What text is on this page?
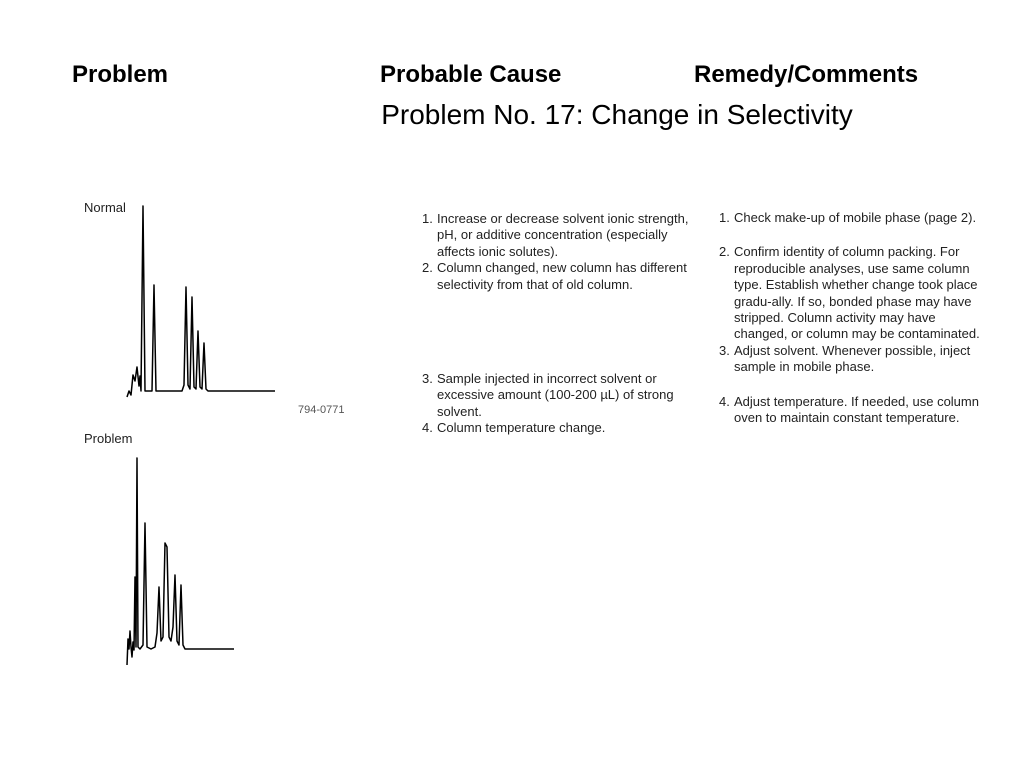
Problem	Probable Cause	Remedy/Comments
Problem No. 17: Change in Selectivity
Normal
Problem
794-0771
1. Increase or decrease solvent ionic strength, pH, or additive concentration (especially affects ionic solutes).
2. Column changed, new column has different selectivity from that of old column.
3. Sample injected in incorrect solvent or excessive amount (100-200 µL) of strong solvent.
4. Column temperature change.
1. Check make-up of mobile phase (page 2).
2. Confirm identity of column packing. For reproducible analyses, use same column type. Establish whether change took place gradu-ally. If so, bonded phase may have stripped. Column activity may have changed, or column may be contaminated.
3. Adjust solvent. Whenever possible, inject sample in mobile phase.
4. Adjust temperature. If needed, use column oven to maintain constant temperature.
